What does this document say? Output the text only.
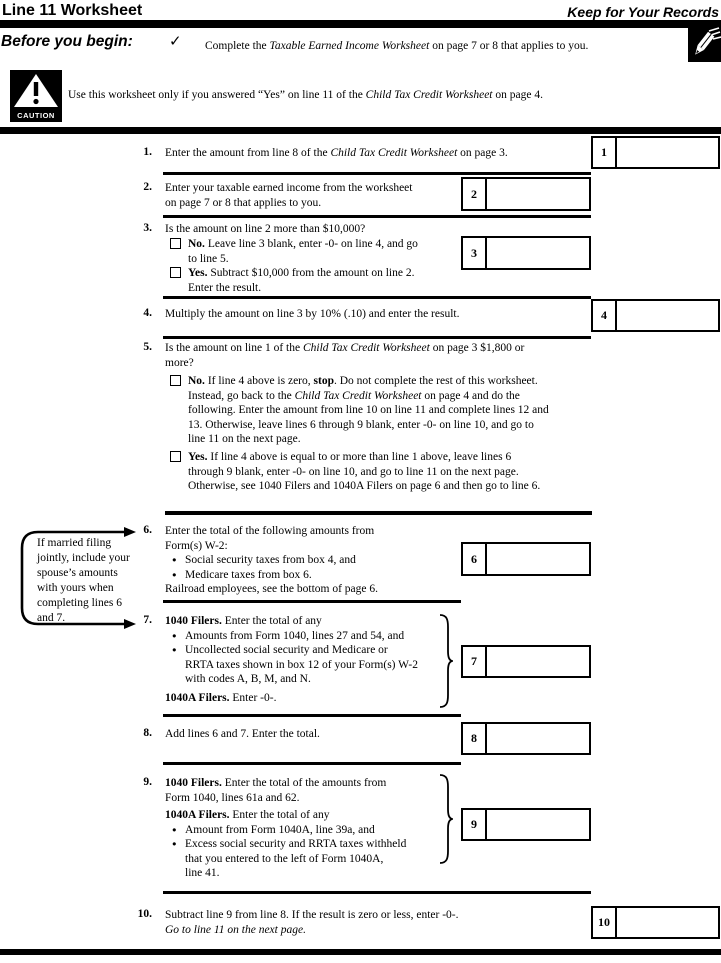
Line 11 Worksheet	Keep for Your Records
Before you begin: ✓ Complete the Taxable Earned Income Worksheet on page 7 or 8 that applies to you.
CAUTION
Use this worksheet only if you answered “Yes” on line 11 of the Child Tax Credit Worksheet on page 4.
1. Enter the amount from line 8 of the Child Tax Credit Worksheet on page 3.	1
2. Enter your taxable earned income from the worksheet
on page 7 or 8 that applies to you.
2
3. Is the amount on line 2 more than $10,000?
No. Leave line 3 blank, enter -0- on line 4, and go
to line 5.
Yes. Subtract $10,000 from the amount on line 2.
Enter the result.
3
4. Multiply the amount on line 3 by 10% (.10) and enter the result.	4
5. Is the amount on line 1 of the Child Tax Credit Worksheet on page 3 $1,800 or
more?
No. If line 4 above is zero, stop. Do not complete the rest of this worksheet.
Instead, go back to the Child Tax Credit Worksheet on page 4 and do the
following. Enter the amount from line 10 on line 11 and complete lines 12 and
13. Otherwise, leave lines 6 through 9 blank, enter -0- on line 10, and go to
line 11 on the next page.
Yes. If line 4 above is equal to or more than line 1 above, leave lines 6
through 9 blank, enter -0- on line 10, and go to line 11 on the next page.
Otherwise, see 1040 Filers and 1040A Filers on page 6 and then go to line 6.
If married filing
jointly, include your
spouse’s amounts
with yours when
completing lines 6
and 7.
6. Enter the total of the following amounts from
Form(s) W-2:
● Social security taxes from box 4, and
● Medicare taxes from box 6.
Railroad employees, see the bottom of page 6.
6
7. 1040 Filers. Enter the total of any
● Amounts from Form 1040, lines 27 and 54, and
● Uncollected social security and Medicare or
RRTA taxes shown in box 12 of your Form(s) W-2
with codes A, B, M, and N.
1040A Filers. Enter -0-.
7
8. Add lines 6 and 7. Enter the total.	8
9. 1040 Filers. Enter the total of the amounts from
Form 1040, lines 61a and 62.
1040A Filers. Enter the total of any
● Amount from Form 1040A, line 39a, and
● Excess social security and RRTA taxes withheld
that you entered to the left of Form 1040A,
line 41.
9
10. Subtract line 9 from line 8. If the result is zero or less, enter -0-.
Go to line 11 on the next page.
10
